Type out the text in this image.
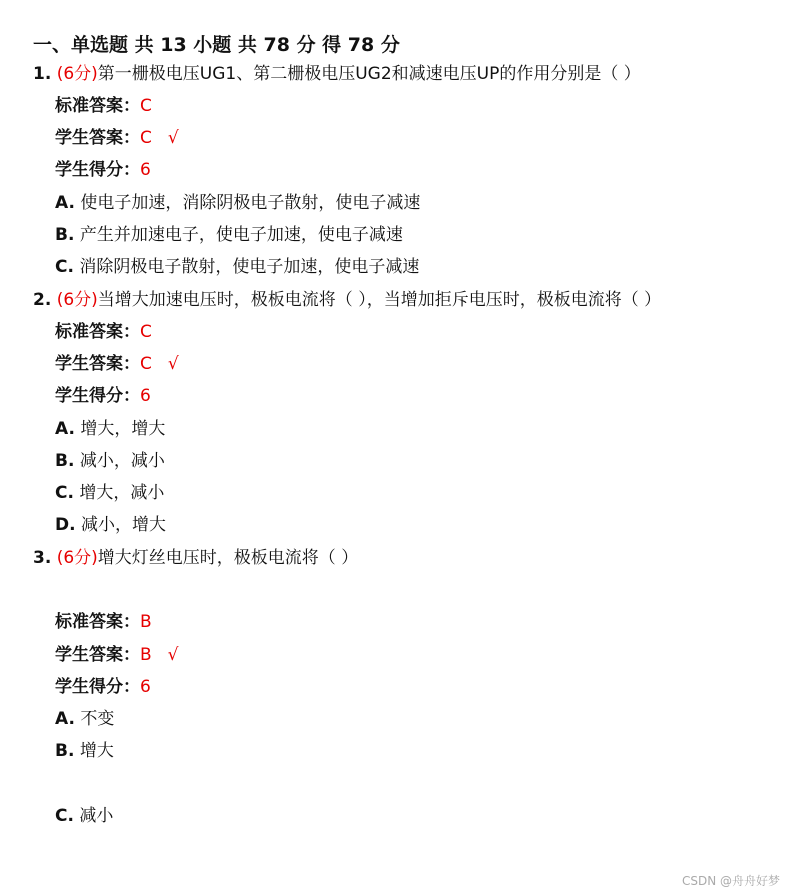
一、单选题 共 13 小题 共 78 分 得 78 分
1. (6分)第一栅极电压UG1、第二栅极电压UG2和减速电压UP的作用分别是（ ）
标准答案：C
学生答案：C √
学生得分：6
A. 使电子加速，消除阴极电子散射，使电子减速
B. 产生并加速电子，使电子加速，使电子减速
C. 消除阴极电子散射，使电子加速，使电子减速
2. (6分)当增大加速电压时，极板电流将（ ），当增加拒斥电压时，极板电流将（ ）
标准答案：C
学生答案：C √
学生得分：6
A. 增大，增大
B. 减小，减小
C. 增大，减小
D. 减小，增大
3. (6分)增大灯丝电压时，极板电流将（ ）
标准答案：B
学生答案：B √
学生得分：6
A. 不变
B. 增大
C. 减小
CSDN @舟舟好梦
